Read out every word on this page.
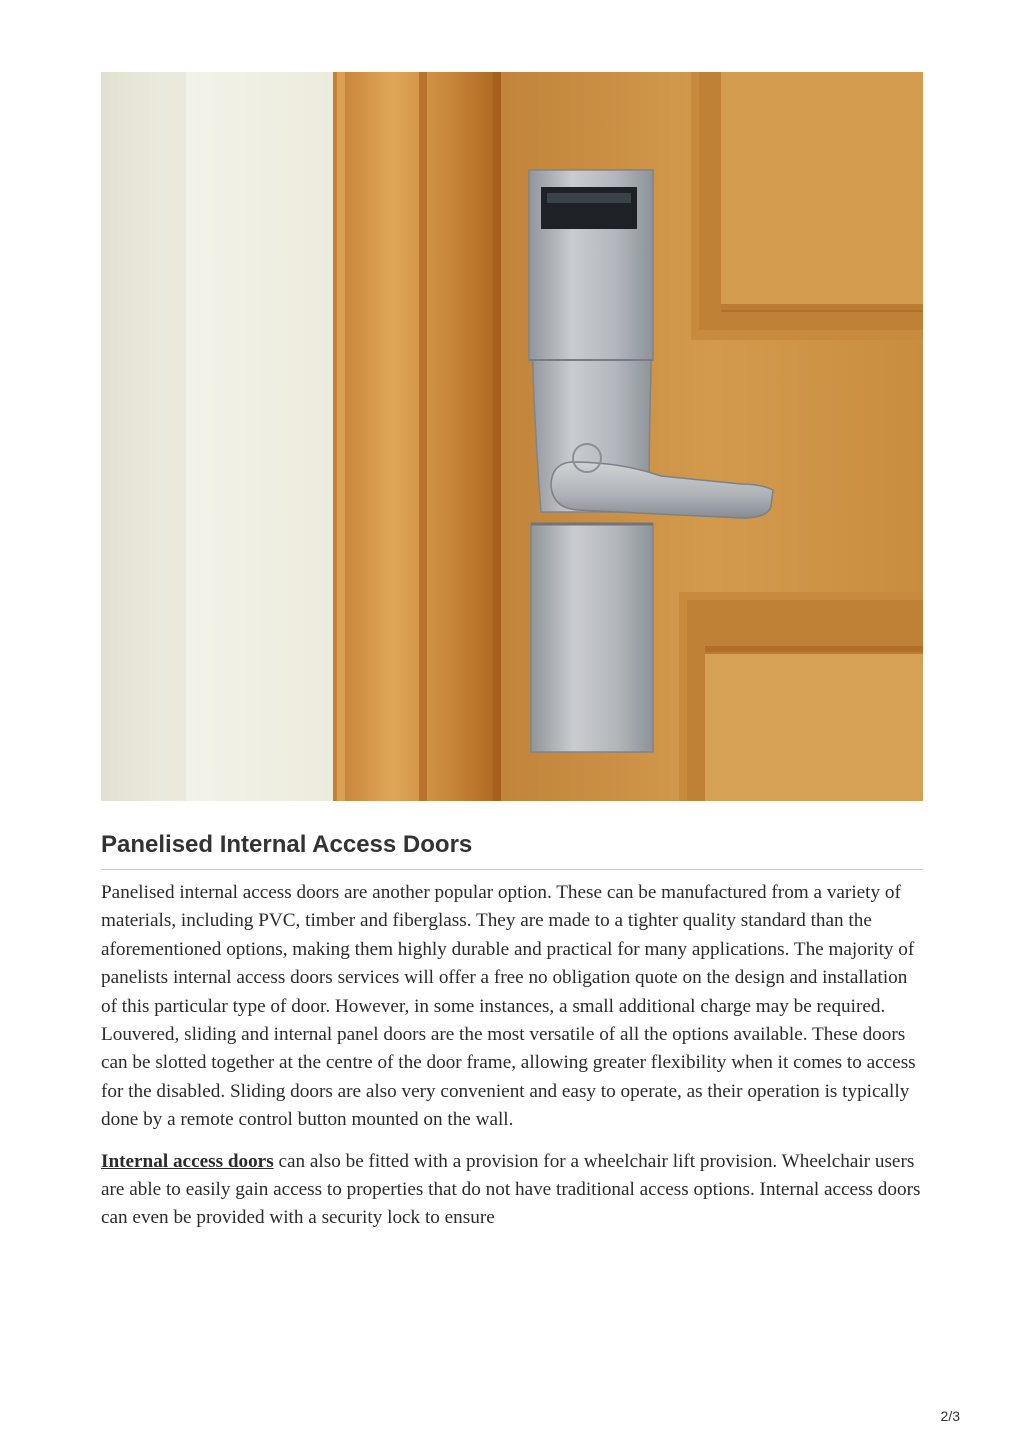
Panelised Internal Access Doors

Panelised internal access doors are another popular option. These can be manufactured from a variety of materials, including PVC, timber and fiberglass. They are made to a tighter quality standard than the aforementioned options, making them highly durable and practical for many applications. The majority of panelists internal access doors services will offer a free no obligation quote on the design and installation of this particular type of door. However, in some instances, a small additional charge may be required.

Louvered, sliding and internal panel doors are the most versatile of all the options available. These doors can be slotted together at the centre of the door frame, allowing greater flexibility when it comes to access for the disabled. Sliding doors are also very convenient and easy to operate, as their operation is typically done by a remote control button mounted on the wall.

Internal access doors can also be fitted with a provision for a wheelchair lift provision. Wheelchair users are able to easily gain access to properties that do not have traditional access options. Internal access doors can even be provided with a security lock to ensure

2/3
